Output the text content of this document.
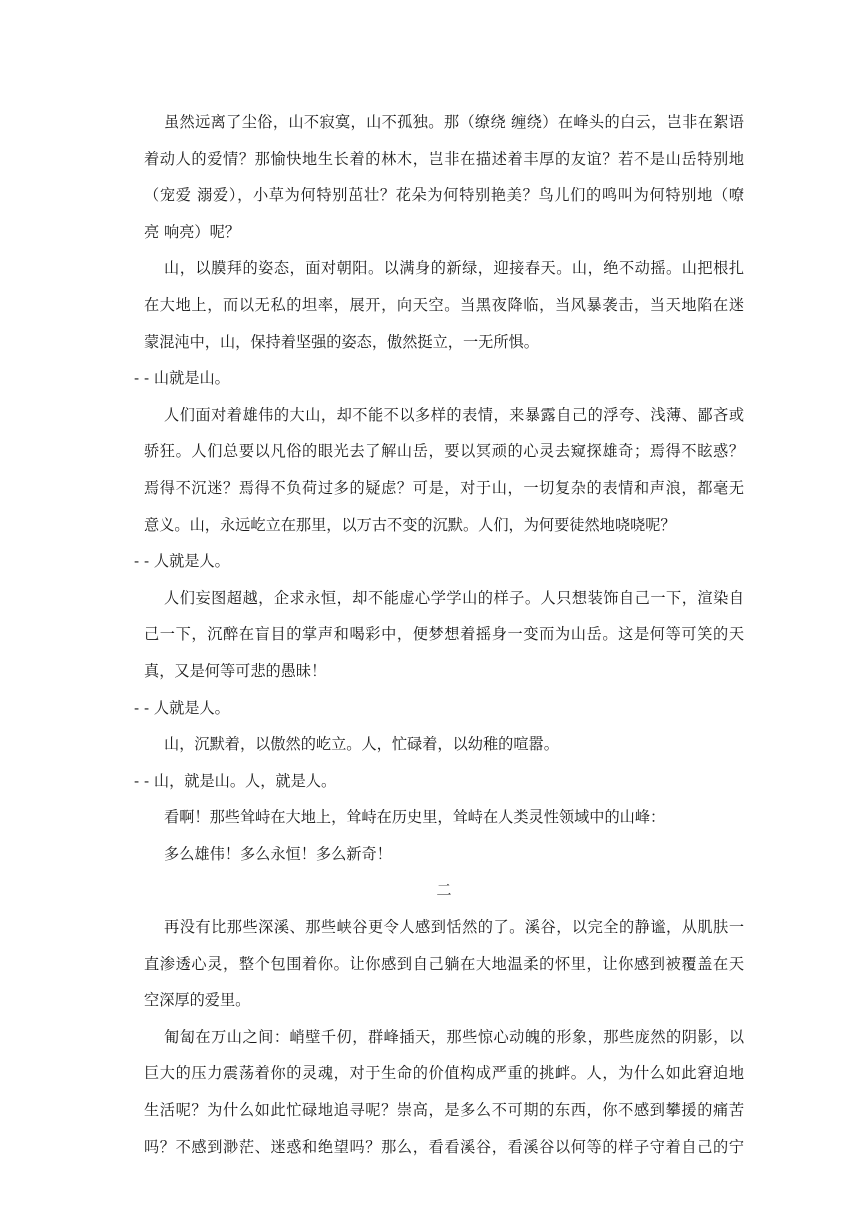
虽然远离了尘俗，山不寂寞，山不孤独。那（缭绕 缠绕）在峰头的白云，岂非在絮语
着动人的爱情？那愉快地生长着的林木，岂非在描述着丰厚的友谊？若不是山岳特别地
（宠爱 溺爱），小草为何特别茁壮？花朵为何特别艳美？鸟儿们的鸣叫为何特别地（嘹
亮 响亮）呢？
山，以膜拜的姿态，面对朝阳。以满身的新绿，迎接春天。山，绝不动摇。山把根扎
在大地上，而以无私的坦率，展开，向天空。当黑夜降临，当风暴袭击，当天地陷在迷
蒙混沌中，山，保持着坚强的姿态，傲然挺立，一无所惧。
- - 山就是山。
人们面对着雄伟的大山，却不能不以多样的表情，来暴露自己的浮夸、浅薄、鄙吝或
骄狂。人们总要以凡俗的眼光去了解山岳，要以冥顽的心灵去窥探雄奇；焉得不眩惑？
焉得不沉迷？焉得不负荷过多的疑虑？可是，对于山，一切复杂的表情和声浪，都毫无
意义。山，永远屹立在那里，以万古不变的沉默。人们，为何要徒然地哓哓呢？
- - 人就是人。
人们妄图超越，企求永恒，却不能虚心学学山的样子。人只想装饰自己一下，渲染自
己一下，沉醉在盲目的掌声和喝彩中，便梦想着摇身一变而为山岳。这是何等可笑的天
真，又是何等可悲的愚昧！
- - 人就是人。
山，沉默着，以傲然的屹立。人，忙碌着，以幼稚的喧嚣。
- - 山，就是山。人，就是人。
看啊！那些耸峙在大地上，耸峙在历史里，耸峙在人类灵性领域中的山峰：
多么雄伟！多么永恒！多么新奇！
二
再没有比那些深溪、那些峡谷更令人感到恬然的了。溪谷，以完全的静谧，从肌肤一
直渗透心灵，整个包围着你。让你感到自己躺在大地温柔的怀里，让你感到被覆盖在天
空深厚的爱里。
匍匐在万山之间：峭壁千仞，群峰插天，那些惊心动魄的形象，那些庞然的阴影，以
巨大的压力震荡着你的灵魂，对于生命的价值构成严重的挑衅。人，为什么如此窘迫地
生活呢？为什么如此忙碌地追寻呢？崇高，是多么不可期的东西，你不感到攀援的痛苦
吗？不感到渺茫、迷惑和绝望吗？那么，看看溪谷，看溪谷以何等的样子守着自己的宁
